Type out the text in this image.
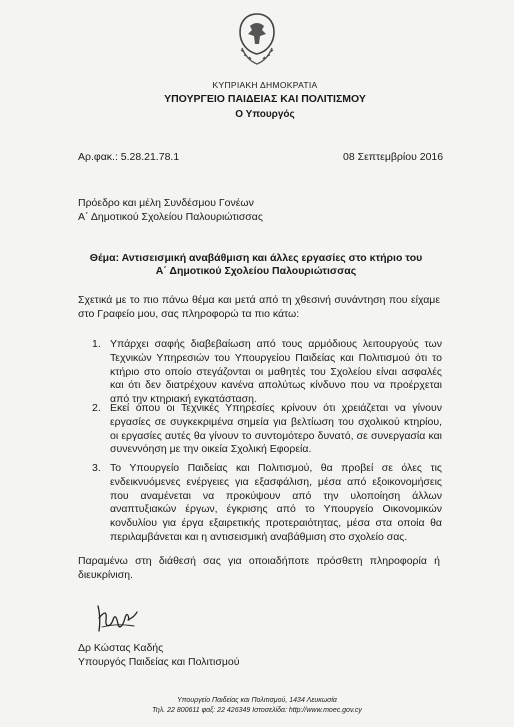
ΚΥΠΡΙΑΚΗ ΔΗΜΟΚΡΑΤΙΑ
ΥΠΟΥΡΓΕΙΟ ΠΑΙΔΕΙΑΣ ΚΑΙ ΠΟΛΙΤΙΣΜΟΥ
Ο Υπουργός
Αρ.φακ.: 5.28.21.78.1	08 Σεπτεμβρίου 2016
Πρόεδρο και μέλη Συνδέσμου Γονέων
Α΄ Δημοτικού Σχολείου Παλουριώτισσας
Θέμα: Αντισεισμική αναβάθμιση και άλλες εργασίες στο κτήριο του
Α΄ Δημοτικού Σχολείου Παλουριώτισσας
Σχετικά με το πιο πάνω θέμα και μετά από τη χθεσινή συνάντηση που είχαμε στο Γραφείο μου, σας πληροφορώ τα πιο κάτω:
1. Υπάρχει σαφής διαβεβαίωση από τους αρμόδιους λειτουργούς των Τεχνικών Υπηρεσιών του Υπουργείου Παιδείας και Πολιτισμού ότι το κτήριο στο οποίο στεγάζονται οι μαθητές του Σχολείου είναι ασφαλές και ότι δεν διατρέχουν κανένα απολύτως κίνδυνο που να προέρχεται από την κτηριακή εγκατάσταση.
2. Εκεί όπου οι Τεχνικές Υπηρεσίες κρίνουν ότι χρειάζεται να γίνουν εργασίες σε συγκεκριμένα σημεία για βελτίωση του σχολικού κτηρίου, οι εργασίες αυτές θα γίνουν το συντομότερο δυνατό, σε συνεργασία και συνεννόηση με την οικεία Σχολική Εφορεία.
3. Το Υπουργείο Παιδείας και Πολιτισμού, θα προβεί σε όλες τις ενδεικνυόμενες ενέργειες για εξασφάλιση, μέσα από εξοικονομήσεις που αναμένεται να προκύψουν από την υλοποίηση άλλων αναπτυξιακών έργων, έγκρισης από το Υπουργείο Οικονομικών κονδυλίου για έργα εξαιρετικής προτεραιότητας, μέσα στα οποία θα περιλαμβάνεται και η αντισεισμική αναβάθμιση στο σχολείο σας.
Παραμένω στη διάθεσή σας για οποιαδήποτε πρόσθετη πληροφορία ή διευκρίνιση.
Δρ Κώστας Καδής
Υπουργός Παιδείας και Πολιτισμού
Υπουργείο Παιδείας και Πολιτισμού, 1434 Λευκωσία
Τηλ. 22 800611 φαξ: 22 426349 Ιστοσελίδα: http://www.moec.gov.cy
